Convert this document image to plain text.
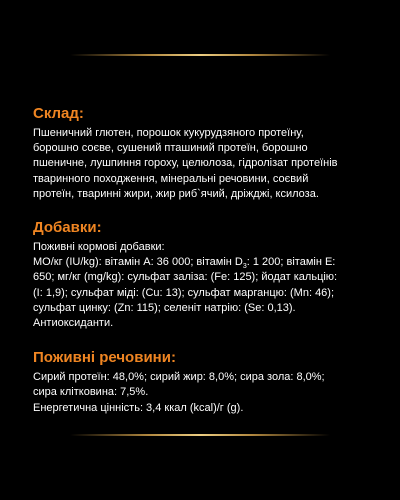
Склад:
Пшеничний глютен, порошок кукурудзяного протеїну,
борошно соєве, сушений пташиний протеїн, борошно
пшеничне, лушпиння гороху, целюлоза, гідролізат протеїнів
тваринного походження, мінеральні речовини, соєвий
протеїн, тваринні жири, жир риб`ячий, дріжджі, ксилоза.
Добавки:
Поживні кормові добавки:
МО/кг (IU/kg): вітамін А: 36 000; вітамін $D_3$: 1 200; вітамін Е:
650; мг/кг (mg/kg): сульфат заліза: (Fe: 125); йодат кальцію:
(I: 1,9); сульфат міді: (Cu: 13); сульфат марганцю: (Mn: 46);
сульфат цинку: (Zn: 115); селеніт натрію: (Se: 0,13).
Антиоксиданти.
Поживні речовини:
Сирий протеїн: 48,0%; сирий жир: 8,0%; сира зола: 8,0%;
сира клітковина: 7,5%.
Енергетична цінність: 3,4 ккал (kcal)/г (g).
